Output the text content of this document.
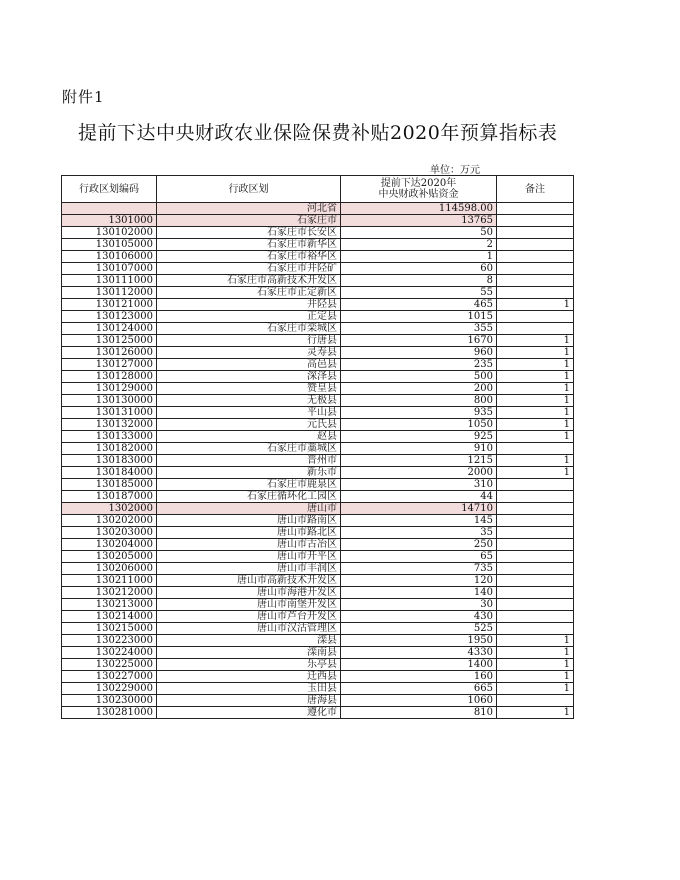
附件1
提前下达中央财政农业保险保费补贴2020年预算指标表
单位：万元
行政区划编码	行政区划	提前下达2020年
中央财政补贴资金	备注
	河北省	114598.00	
1301000	石家庄市	13765	
130102000	石家庄市长安区	50	
130105000	石家庄市新华区	2	
130106000	石家庄市裕华区	1	
130107000	石家庄市井陉矿	60	
130111000	石家庄市高新技术开发区	8	
130112000	石家庄市正定新区	55	
130121000	井陉县	465	1
130123000	正定县	1015	
130124000	石家庄市栾城区	355	
130125000	行唐县	1670	1
130126000	灵寿县	960	1
130127000	高邑县	235	1
130128000	深泽县	500	1
130129000	赞皇县	200	1
130130000	无极县	800	1
130131000	平山县	935	1
130132000	元氏县	1050	1
130133000	赵县	925	1
130182000	石家庄市藁城区	910	
130183000	晋州市	1215	1
130184000	新乐市	2000	1
130185000	石家庄市鹿泉区	310	
130187000	石家庄循环化工园区	44	
1302000	唐山市	14710	
130202000	唐山市路南区	145	
130203000	唐山市路北区	35	
130204000	唐山市古冶区	250	
130205000	唐山市开平区	65	
130206000	唐山市丰润区	735	
130211000	唐山市高新技术开发区	120	
130212000	唐山市海港开发区	140	
130213000	唐山市南堡开发区	30	
130214000	唐山市芦台开发区	430	
130215000	唐山市汉沽管理区	525	
130223000	滦县	1950	1
130224000	滦南县	4330	1
130225000	乐亭县	1400	1
130227000	迁西县	160	1
130229000	玉田县	665	1
130230000	唐海县	1060	
130281000	遵化市	810	1
